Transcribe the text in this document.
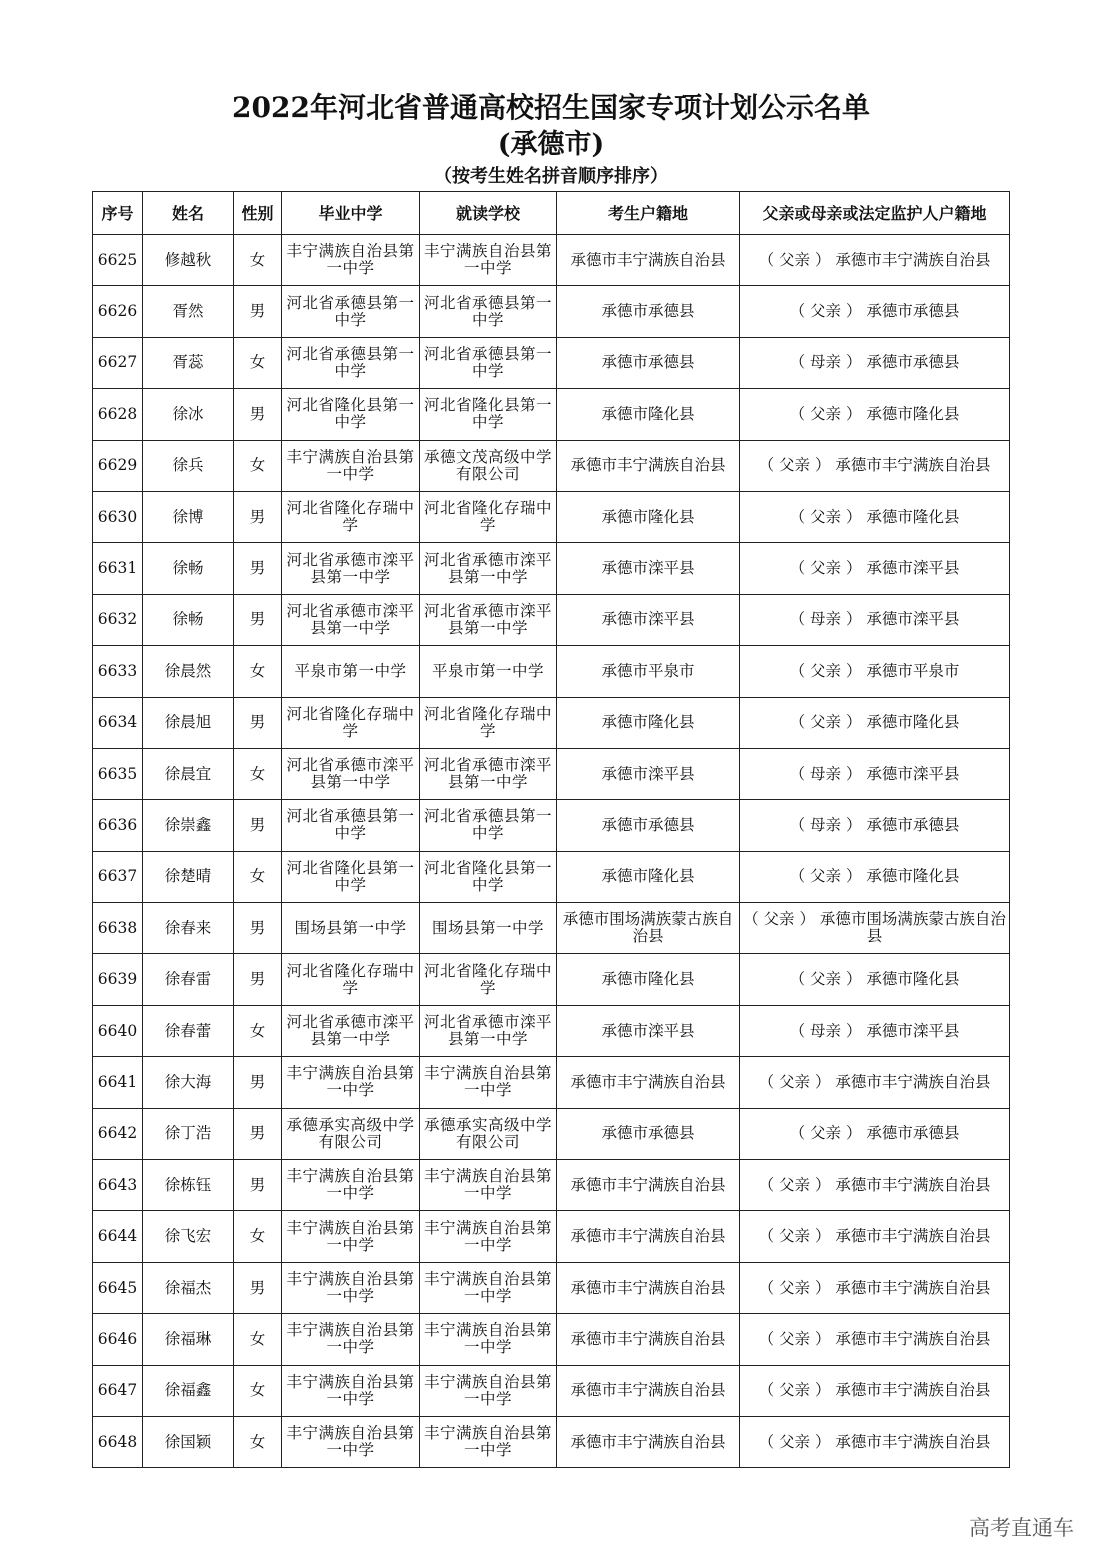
2022年河北省普通高校招生国家专项计划公示名单
(承德市)
（按考生姓名拼音顺序排序）
序号	姓名	性别	毕业中学	就读学校	考生户籍地	父亲或母亲或法定监护人户籍地
6625	修越秋	女	丰宁满族自治县第一中学	丰宁满族自治县第一中学	承德市丰宁满族自治县	（ 父亲 ） 承德市丰宁满族自治县
6626	胥然	男	河北省承德县第一中学	河北省承德县第一中学	承德市承德县	（ 父亲 ） 承德市承德县
6627	胥蕊	女	河北省承德县第一中学	河北省承德县第一中学	承德市承德县	（ 母亲 ） 承德市承德县
6628	徐冰	男	河北省隆化县第一中学	河北省隆化县第一中学	承德市隆化县	（ 父亲 ） 承德市隆化县
6629	徐兵	女	丰宁满族自治县第一中学	承德文茂高级中学有限公司	承德市丰宁满族自治县	（ 父亲 ） 承德市丰宁满族自治县
6630	徐博	男	河北省隆化存瑞中学	河北省隆化存瑞中学	承德市隆化县	（ 父亲 ） 承德市隆化县
6631	徐畅	男	河北省承德市滦平县第一中学	河北省承德市滦平县第一中学	承德市滦平县	（ 父亲 ） 承德市滦平县
6632	徐畅	男	河北省承德市滦平县第一中学	河北省承德市滦平县第一中学	承德市滦平县	（ 母亲 ） 承德市滦平县
6633	徐晨然	女	平泉市第一中学	平泉市第一中学	承德市平泉市	（ 父亲 ） 承德市平泉市
6634	徐晨旭	男	河北省隆化存瑞中学	河北省隆化存瑞中学	承德市隆化县	（ 父亲 ） 承德市隆化县
6635	徐晨宜	女	河北省承德市滦平县第一中学	河北省承德市滦平县第一中学	承德市滦平县	（ 母亲 ） 承德市滦平县
6636	徐崇鑫	男	河北省承德县第一中学	河北省承德县第一中学	承德市承德县	（ 母亲 ） 承德市承德县
6637	徐楚晴	女	河北省隆化县第一中学	河北省隆化县第一中学	承德市隆化县	（ 父亲 ） 承德市隆化县
6638	徐春来	男	围场县第一中学	围场县第一中学	承德市围场满族蒙古族自治县	（ 父亲 ） 承德市围场满族蒙古族自治县
6639	徐春雷	男	河北省隆化存瑞中学	河北省隆化存瑞中学	承德市隆化县	（ 父亲 ） 承德市隆化县
6640	徐春蕾	女	河北省承德市滦平县第一中学	河北省承德市滦平县第一中学	承德市滦平县	（ 母亲 ） 承德市滦平县
6641	徐大海	男	丰宁满族自治县第一中学	丰宁满族自治县第一中学	承德市丰宁满族自治县	（ 父亲 ） 承德市丰宁满族自治县
6642	徐丁浩	男	承德承实高级中学有限公司	承德承实高级中学有限公司	承德市承德县	（ 父亲 ） 承德市承德县
6643	徐栋钰	男	丰宁满族自治县第一中学	丰宁满族自治县第一中学	承德市丰宁满族自治县	（ 父亲 ） 承德市丰宁满族自治县
6644	徐飞宏	女	丰宁满族自治县第一中学	丰宁满族自治县第一中学	承德市丰宁满族自治县	（ 父亲 ） 承德市丰宁满族自治县
6645	徐福杰	男	丰宁满族自治县第一中学	丰宁满族自治县第一中学	承德市丰宁满族自治县	（ 父亲 ） 承德市丰宁满族自治县
6646	徐福琳	女	丰宁满族自治县第一中学	丰宁满族自治县第一中学	承德市丰宁满族自治县	（ 父亲 ） 承德市丰宁满族自治县
6647	徐福鑫	女	丰宁满族自治县第一中学	丰宁满族自治县第一中学	承德市丰宁满族自治县	（ 父亲 ） 承德市丰宁满族自治县
6648	徐国颖	女	丰宁满族自治县第一中学	丰宁满族自治县第一中学	承德市丰宁满族自治县	（ 父亲 ） 承德市丰宁满族自治县
高考直通车
